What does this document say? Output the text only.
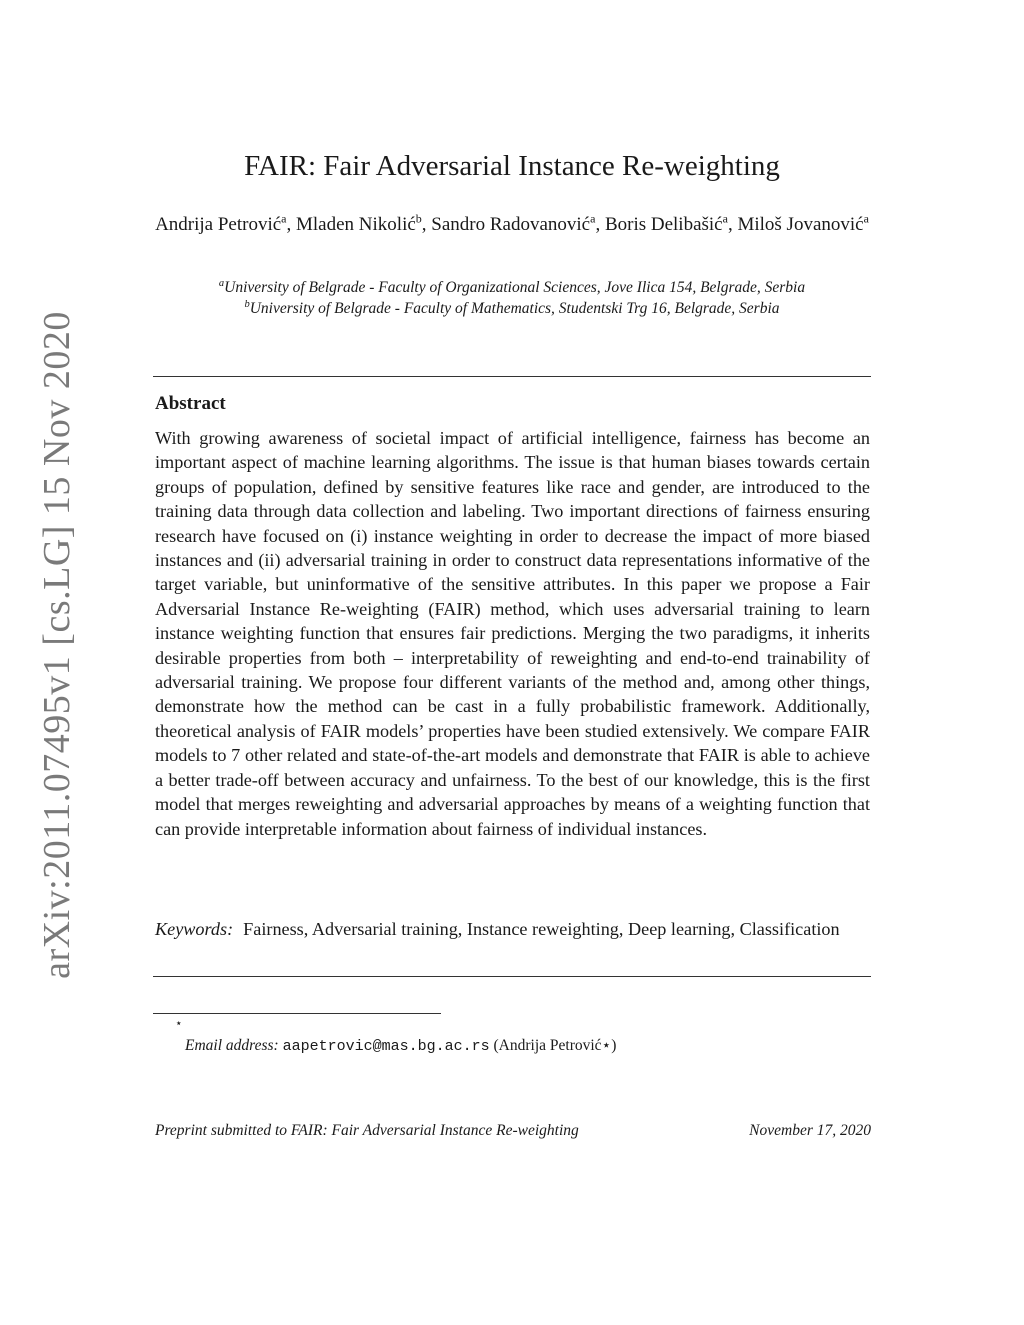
arXiv:2011.07495v1 [cs.LG] 15 Nov 2020
FAIR: Fair Adversarial Instance Re-weighting
Andrija Petrović$^a$, Mladen Nikolić$^b$, Sandro Radovanović$^a$, Boris Delibašić$^a$, Miloš Jovanović$^a$
$^a$University of Belgrade - Faculty of Organizational Sciences, Jove Ilica 154, Belgrade, Serbia
$^b$University of Belgrade - Faculty of Mathematics, Studentski Trg 16, Belgrade, Serbia
Abstract
With growing awareness of societal impact of artificial intelligence, fairness has become an important aspect of machine learning algorithms. The issue is that human biases towards certain groups of population, defined by sensitive features like race and gender, are introduced to the training data through data collection and labeling. Two important directions of fairness ensuring research have focused on (i) instance weighting in order to decrease the impact of more biased instances and (ii) adversarial training in order to construct data representations informative of the target variable, but uninformative of the sensitive attributes. In this paper we propose a Fair Adversarial Instance Re-weighting (FAIR) method, which uses adversarial training to learn instance weighting function that ensures fair predictions. Merging the two paradigms, it inherits desirable properties from both – interpretability of reweighting and end-to-end trainability of adversarial training. We propose four different variants of the method and, among other things, demonstrate how the method can be cast in a fully probabilistic framework. Additionally, theoretical analysis of FAIR models’ properties have been studied extensively. We compare FAIR models to 7 other related and state-of-the-art models and demonstrate that FAIR is able to achieve a better trade-off between accuracy and unfairness. To the best of our knowledge, this is the first model that merges reweighting and adversarial approaches by means of a weighting function that can provide interpretable information about fairness of individual instances.
Keywords: Fairness, Adversarial training, Instance reweighting, Deep learning, Classification
⋆
Email address: aapetrovic@mas.bg.ac.rs (Andrija Petrović⋆)
Preprint submitted to FAIR: Fair Adversarial Instance Re-weighting	November 17, 2020
